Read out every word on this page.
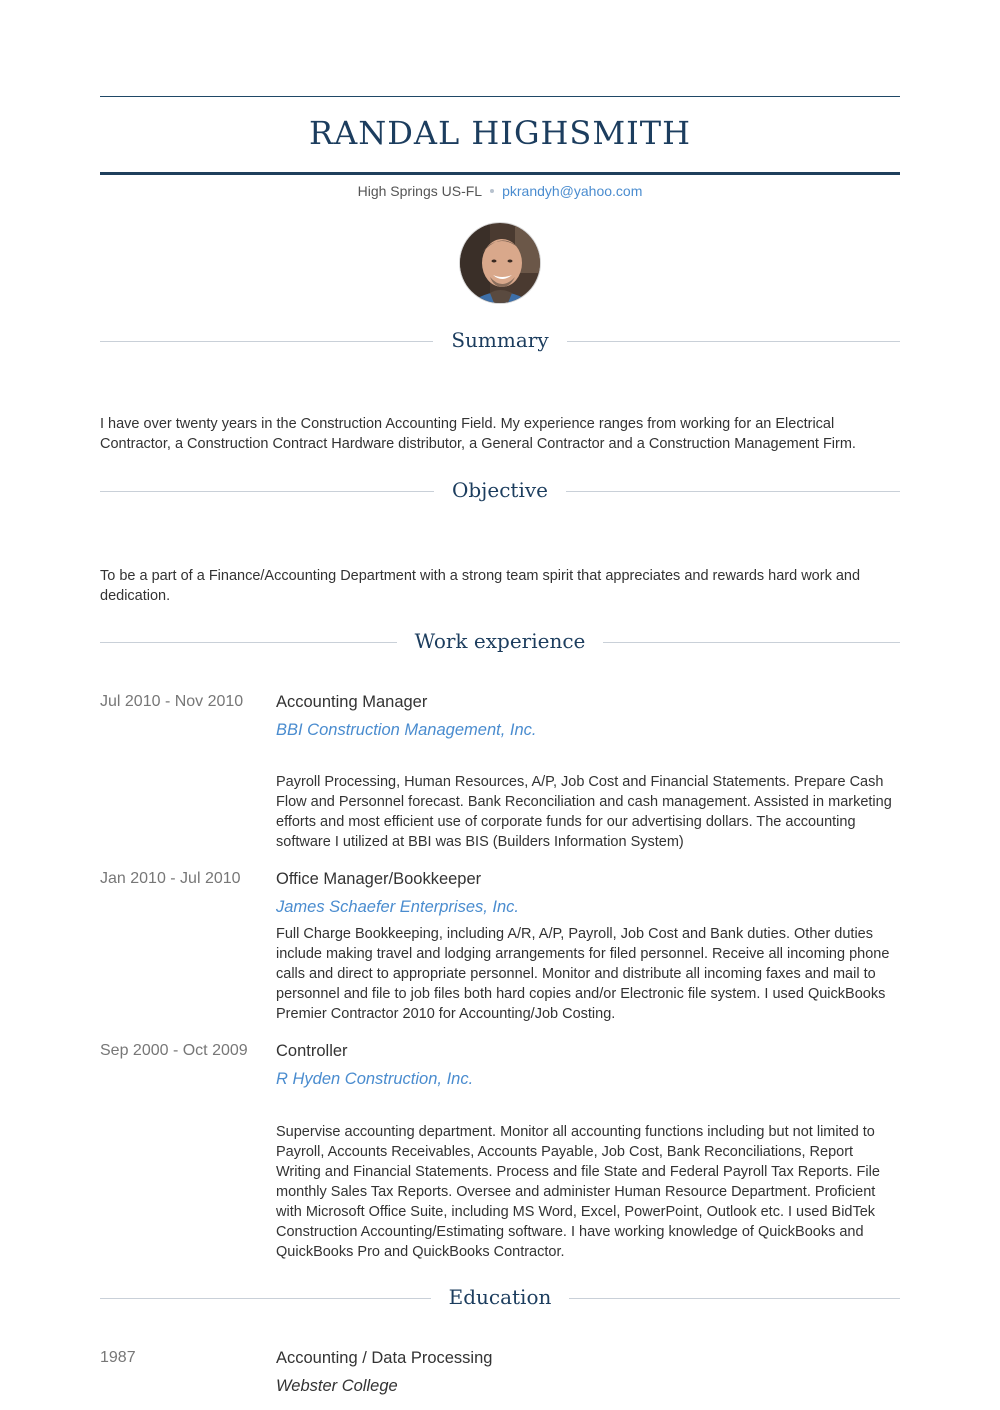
RANDAL HIGHSMITH
High Springs US-FL pkrandyh@yahoo.com
Summary
I have over twenty years in the Construction Accounting Field. My experience ranges from working for an Electrical Contractor, a Construction Contract Hardware distributor, a General Contractor and a Construction Management Firm.
Objective
To be a part of a Finance/Accounting Department with a strong team spirit that appreciates and rewards hard work and dedication.
Work experience
Jul 2010 - Nov 2010	Accounting Manager
BBI Construction Management, Inc.
Payroll Processing, Human Resources, A/P, Job Cost and Financial Statements. Prepare Cash Flow and Personnel forecast. Bank Reconciliation and cash management. Assisted in marketing efforts and most efficient use of corporate funds for our advertising dollars. The accounting software I utilized at BBI was BIS (Builders Information System)
Jan 2010 - Jul 2010	Office Manager/Bookkeeper
James Schaefer Enterprises, Inc.
Full Charge Bookkeeping, including A/R, A/P, Payroll, Job Cost and Bank duties. Other duties include making travel and lodging arrangements for filed personnel. Receive all incoming phone calls and direct to appropriate personnel. Monitor and distribute all incoming faxes and mail to personnel and file to job files both hard copies and/or Electronic file system. I used QuickBooks Premier Contractor 2010 for Accounting/Job Costing.
Sep 2000 - Oct 2009	Controller
R Hyden Construction, Inc.
Supervise accounting department. Monitor all accounting functions including but not limited to Payroll, Accounts Receivables, Accounts Payable, Job Cost, Bank Reconciliations, Report Writing and Financial Statements. Process and file State and Federal Payroll Tax Reports. File monthly Sales Tax Reports. Oversee and administer Human Resource Department. Proficient with Microsoft Office Suite, including MS Word, Excel, PowerPoint, Outlook etc. I used BidTek Construction Accounting/Estimating software. I have working knowledge of QuickBooks and QuickBooks Pro and QuickBooks Contractor.
Education
1987	Accounting / Data Processing
Webster College
